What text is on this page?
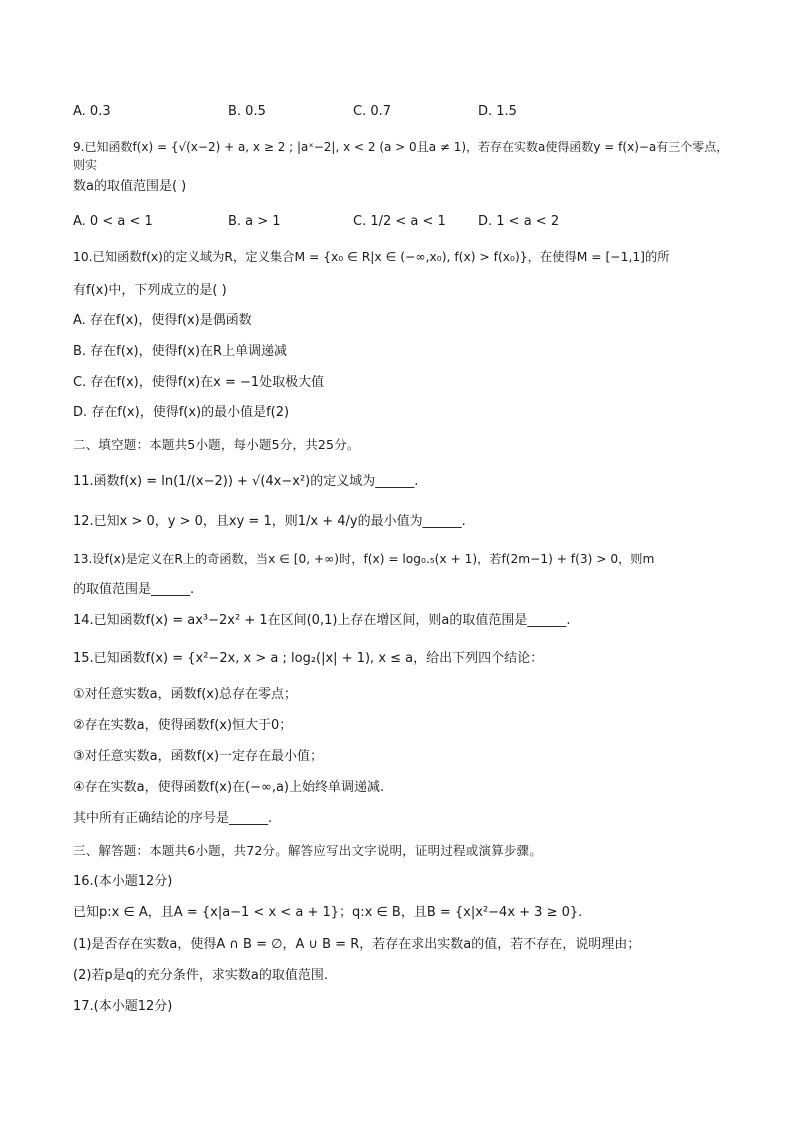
A. 0.3	B. 0.5	C. 0.7	D. 1.5
9.已知函数f(x) = {√(x−2) + a, x ≥ 2 ; |aˣ−2|, x < 2 (a > 0且a ≠ 1)，若存在实数a使得函数y = f(x)−a有三个零点，则实
数a的取值范围是( )
A. 0 < a < 1	B. a > 1	C. 1/2 < a < 1 D. 1 < a < 2
10.已知函数f(x)的定义域为R，定义集合M = {x₀ ∈ R|x ∈ (−∞,x₀), f(x) > f(x₀)}，在使得M = [−1,1]的所
有f(x)中，下列成立的是( )
A. 存在f(x)，使得f(x)是偶函数
B. 存在f(x)，使得f(x)在R上单调递减
C. 存在f(x)，使得f(x)在x = −1处取极大值
D. 存在f(x)，使得f(x)的最小值是f(2)
二、填空题：本题共5小题，每小题5分，共25分。
11.函数f(x) = ln(1/(x−2)) + √(4x−x²)的定义域为______.
12.已知x > 0，y > 0，且xy = 1，则1/x + 4/y的最小值为______.
13.设f(x)是定义在R上的奇函数，当x ∈ [0, +∞)时，f(x) = log₀.₅(x + 1)，若f(2m−1) + f(3) > 0，则m
的取值范围是______.
14.已知函数f(x) = ax³−2x² + 1在区间(0,1)上存在增区间，则a的取值范围是______.
15.已知函数f(x) = {x²−2x, x > a ; log₂(|x| + 1), x ≤ a，给出下列四个结论：
①对任意实数a，函数f(x)总存在零点；
②存在实数a，使得函数f(x)恒大于0；
③对任意实数a，函数f(x)一定存在最小值；
④存在实数a，使得函数f(x)在(−∞,a)上始终单调递减.
其中所有正确结论的序号是______.
三、解答题：本题共6小题，共72分。解答应写出文字说明，证明过程或演算步骤。
16.(本小题12分)
已知p:x ∈ A，且A = {x|a−1 < x < a + 1}；q:x ∈ B，且B = {x|x²−4x + 3 ≥ 0}.
(1)是否存在实数a，使得A ∩ B = ∅，A ∪ B = R，若存在求出实数a的值，若不存在，说明理由；
(2)若p是q的充分条件，求实数a的取值范围.
17.(本小题12分)
